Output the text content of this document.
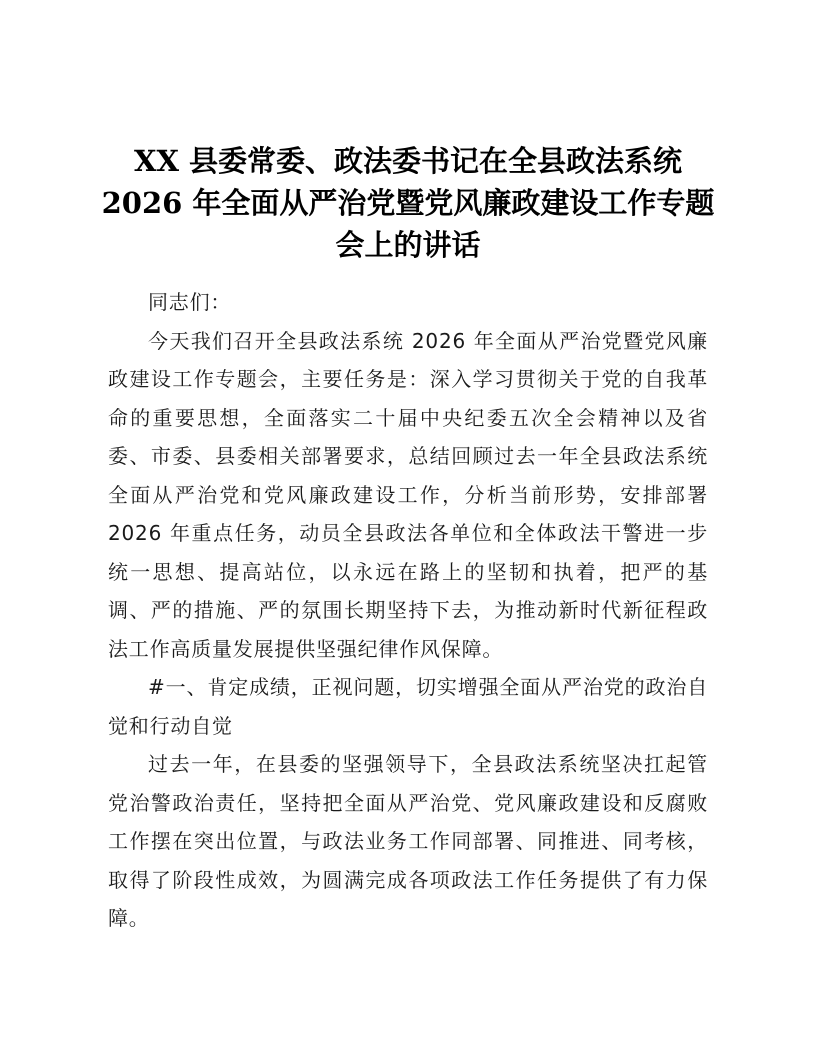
XX 县委常委、政法委书记在全县政法系统
2026 年全面从严治党暨党风廉政建设工作专题
会上的讲话

同志们：

今天我们召开全县政法系统 2026 年全面从严治党暨党风廉政建设工作专题会，主要任务是：深入学习贯彻关于党的自我革命的重要思想，全面落实二十届中央纪委五次全会精神以及省委、市委、县委相关部署要求，总结回顾过去一年全县政法系统全面从严治党和党风廉政建设工作，分析当前形势，安排部署 2026 年重点任务，动员全县政法各单位和全体政法干警进一步统一思想、提高站位，以永远在路上的坚韧和执着，把严的基调、严的措施、严的氛围长期坚持下去，为推动新时代新征程政法工作高质量发展提供坚强纪律作风保障。

#一、肯定成绩，正视问题，切实增强全面从严治党的政治自觉和行动自觉

过去一年，在县委的坚强领导下，全县政法系统坚决扛起管党治警政治责任，坚持把全面从严治党、党风廉政建设和反腐败工作摆在突出位置，与政法业务工作同部署、同推进、同考核，取得了阶段性成效，为圆满完成各项政法工作任务提供了有力保障。
